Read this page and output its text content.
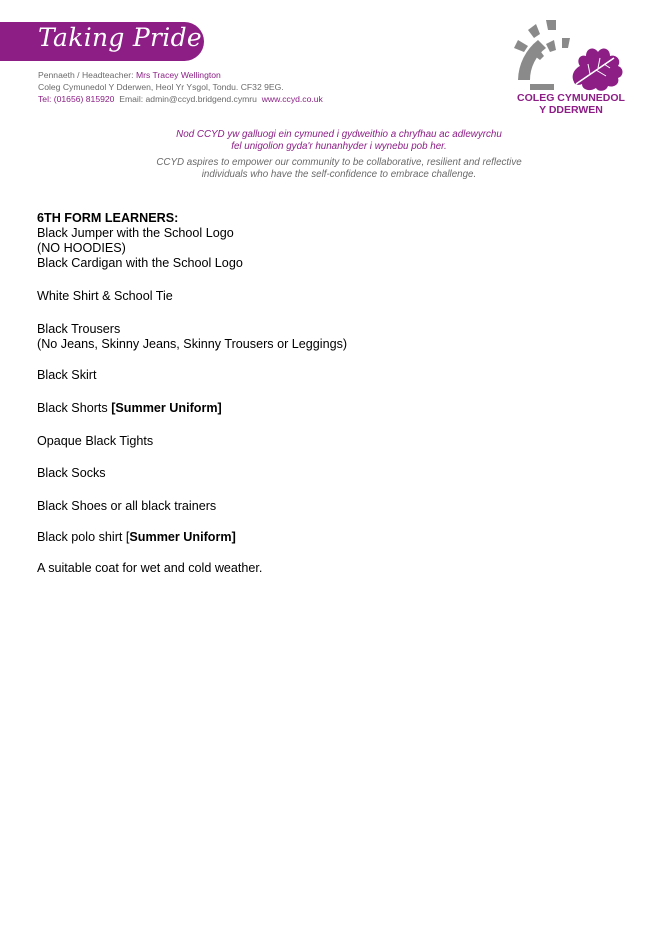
Taking Pride
Pennaeth / Headteacher: Mrs Tracey Wellington
Coleg Cymunedol Y Dderwen, Heol Yr Ysgol, Tondu. CF32 9EG.
Tel: (01656) 815920 Email: admin@ccyd.bridgend.cymru www.ccyd.co.uk	COLEG CYMUNEDOL
Y DDERWEN
Nod CCYD yw galluogi ein cymuned i gydweithio a chryfhau ac adlewyrchu
fel unigolion gyda'r hunanhyder i wynebu pob her.
CCYD aspires to empower our community to be collaborative, resilient and reflective
individuals who have the self-confidence to embrace challenge.

6TH FORM LEARNERS:

Black Jumper with the School Logo

(NO HOODIES)

Black Cardigan with the School Logo

White Shirt & School Tie

Black Trousers

(No Jeans, Skinny Jeans, Skinny Trousers or Leggings)

Black Skirt

Black Shorts [Summer Uniform]

Opaque Black Tights

Black Socks

Black Shoes or all black trainers

Black polo shirt [Summer Uniform]

A suitable coat for wet and cold weather.
